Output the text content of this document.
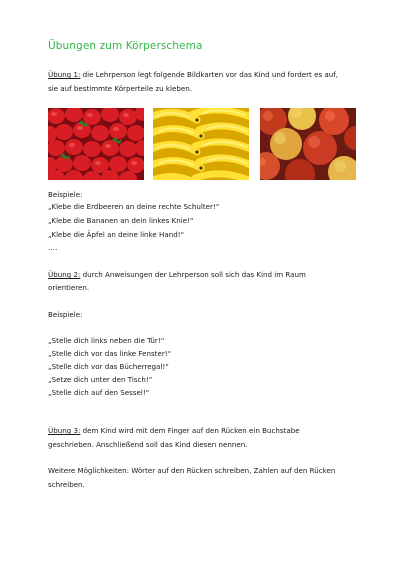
Übungen zum Körperschema
Übung 1: die Lehrperson legt folgende Bildkarten vor das Kind und fordert es auf,
sie auf bestimmte Körperteile zu kleben.
Beispiele:
„Klebe die Erdbeeren an deine rechte Schulter!“
„Klebe die Bananen an dein linkes Knie!“
„Klebe die Äpfel an deine linke Hand!“
….
Übung 2: durch Anweisungen der Lehrperson soll sich das Kind im Raum
orientieren.
Beispiele:
„Stelle dich links neben die Tür!“
„Stelle dich vor das linke Fenster!“
„Stelle dich vor das Bücherregal!“
„Setze dich unter den Tisch!“
„Stelle dich auf den Sessel!“
Übung 3: dem Kind wird mit dem Finger auf den Rücken ein Buchstabe
geschrieben. Anschließend soll das Kind diesen nennen.
Weitere Möglichkeiten: Wörter auf den Rücken schreiben, Zahlen auf den Rücken
schreiben.
